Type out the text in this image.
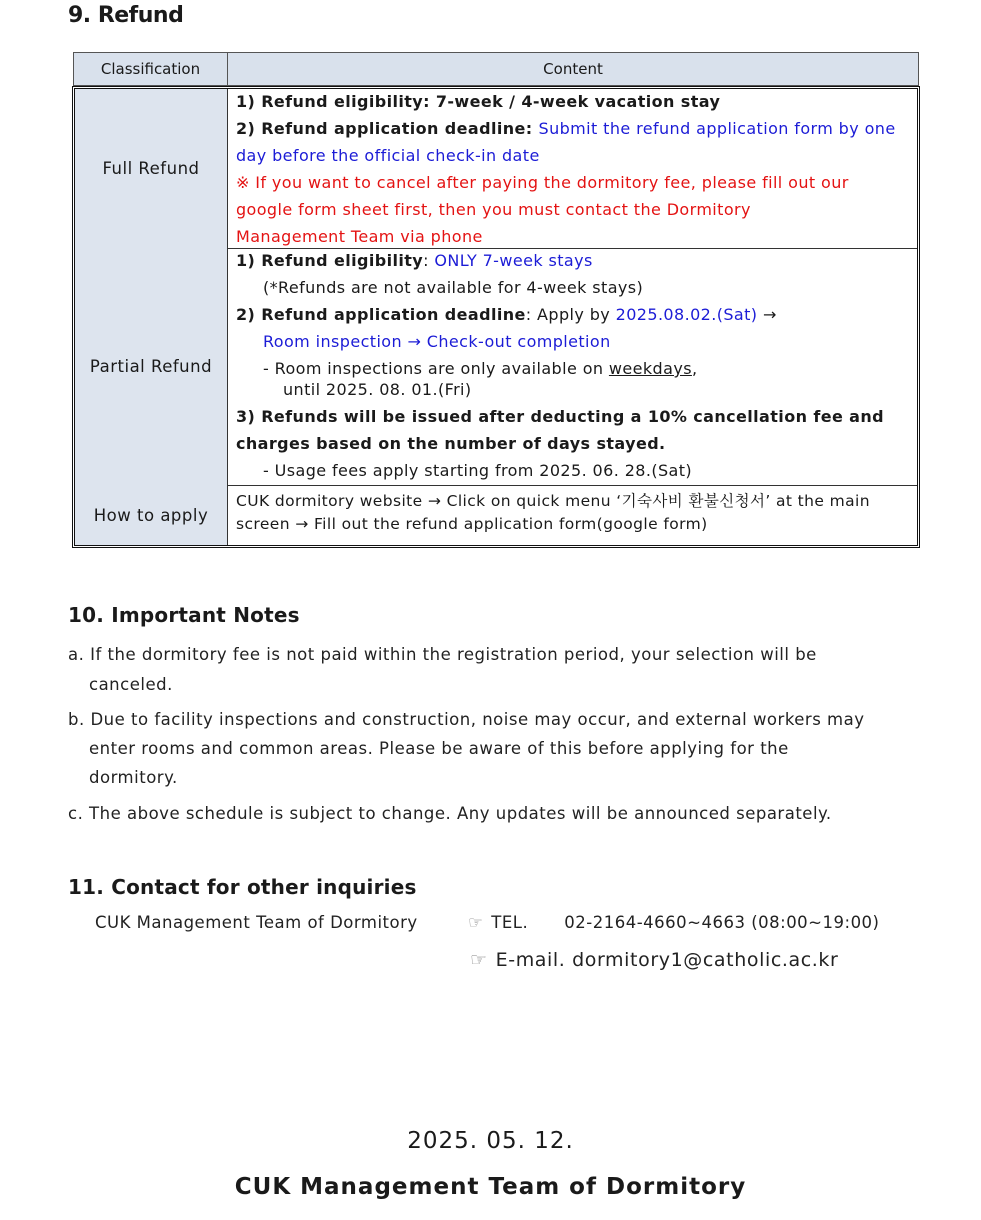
9. Refund
Classification	Content
Full Refund
1) Refund eligibility: 7-week / 4-week vacation stay
2) Refund application deadline: Submit the refund application form by one
day before the official check-in date
※ If you want to cancel after paying the dormitory fee, please fill out our
google form sheet first, then you must contact the Dormitory
Management Team via phone
Partial Refund
1) Refund eligibility: ONLY 7-week stays
(*Refunds are not available for 4-week stays)
2) Refund application deadline: Apply by 2025.08.02.(Sat) →
Room inspection → Check-out completion
- Room inspections are only available on weekdays,
until 2025. 08. 01.(Fri)
3) Refunds will be issued after deducting a 10% cancellation fee and
charges based on the number of days stayed.
- Usage fees apply starting from 2025. 06. 28.(Sat)
How to apply
CUK dormitory website → Click on quick menu ‘기숙사비 환불신청서’ at the main
screen → Fill out the refund application form(google form)
10. Important Notes
a. If the dormitory fee is not paid within the registration period, your selection will be
canceled.
b. Due to facility inspections and construction, noise may occur, and external workers may
enter rooms and common areas. Please be aware of this before applying for the
dormitory.
c. The above schedule is subject to change. Any updates will be announced separately.
11. Contact for other inquiries
CUK Management Team of Dormitory	☞ TEL. 02-2164-4660~4663 (08:00~19:00)
☞ E-mail. dormitory1@catholic.ac.kr
2025. 05. 12.
CUK Management Team of Dormitory
